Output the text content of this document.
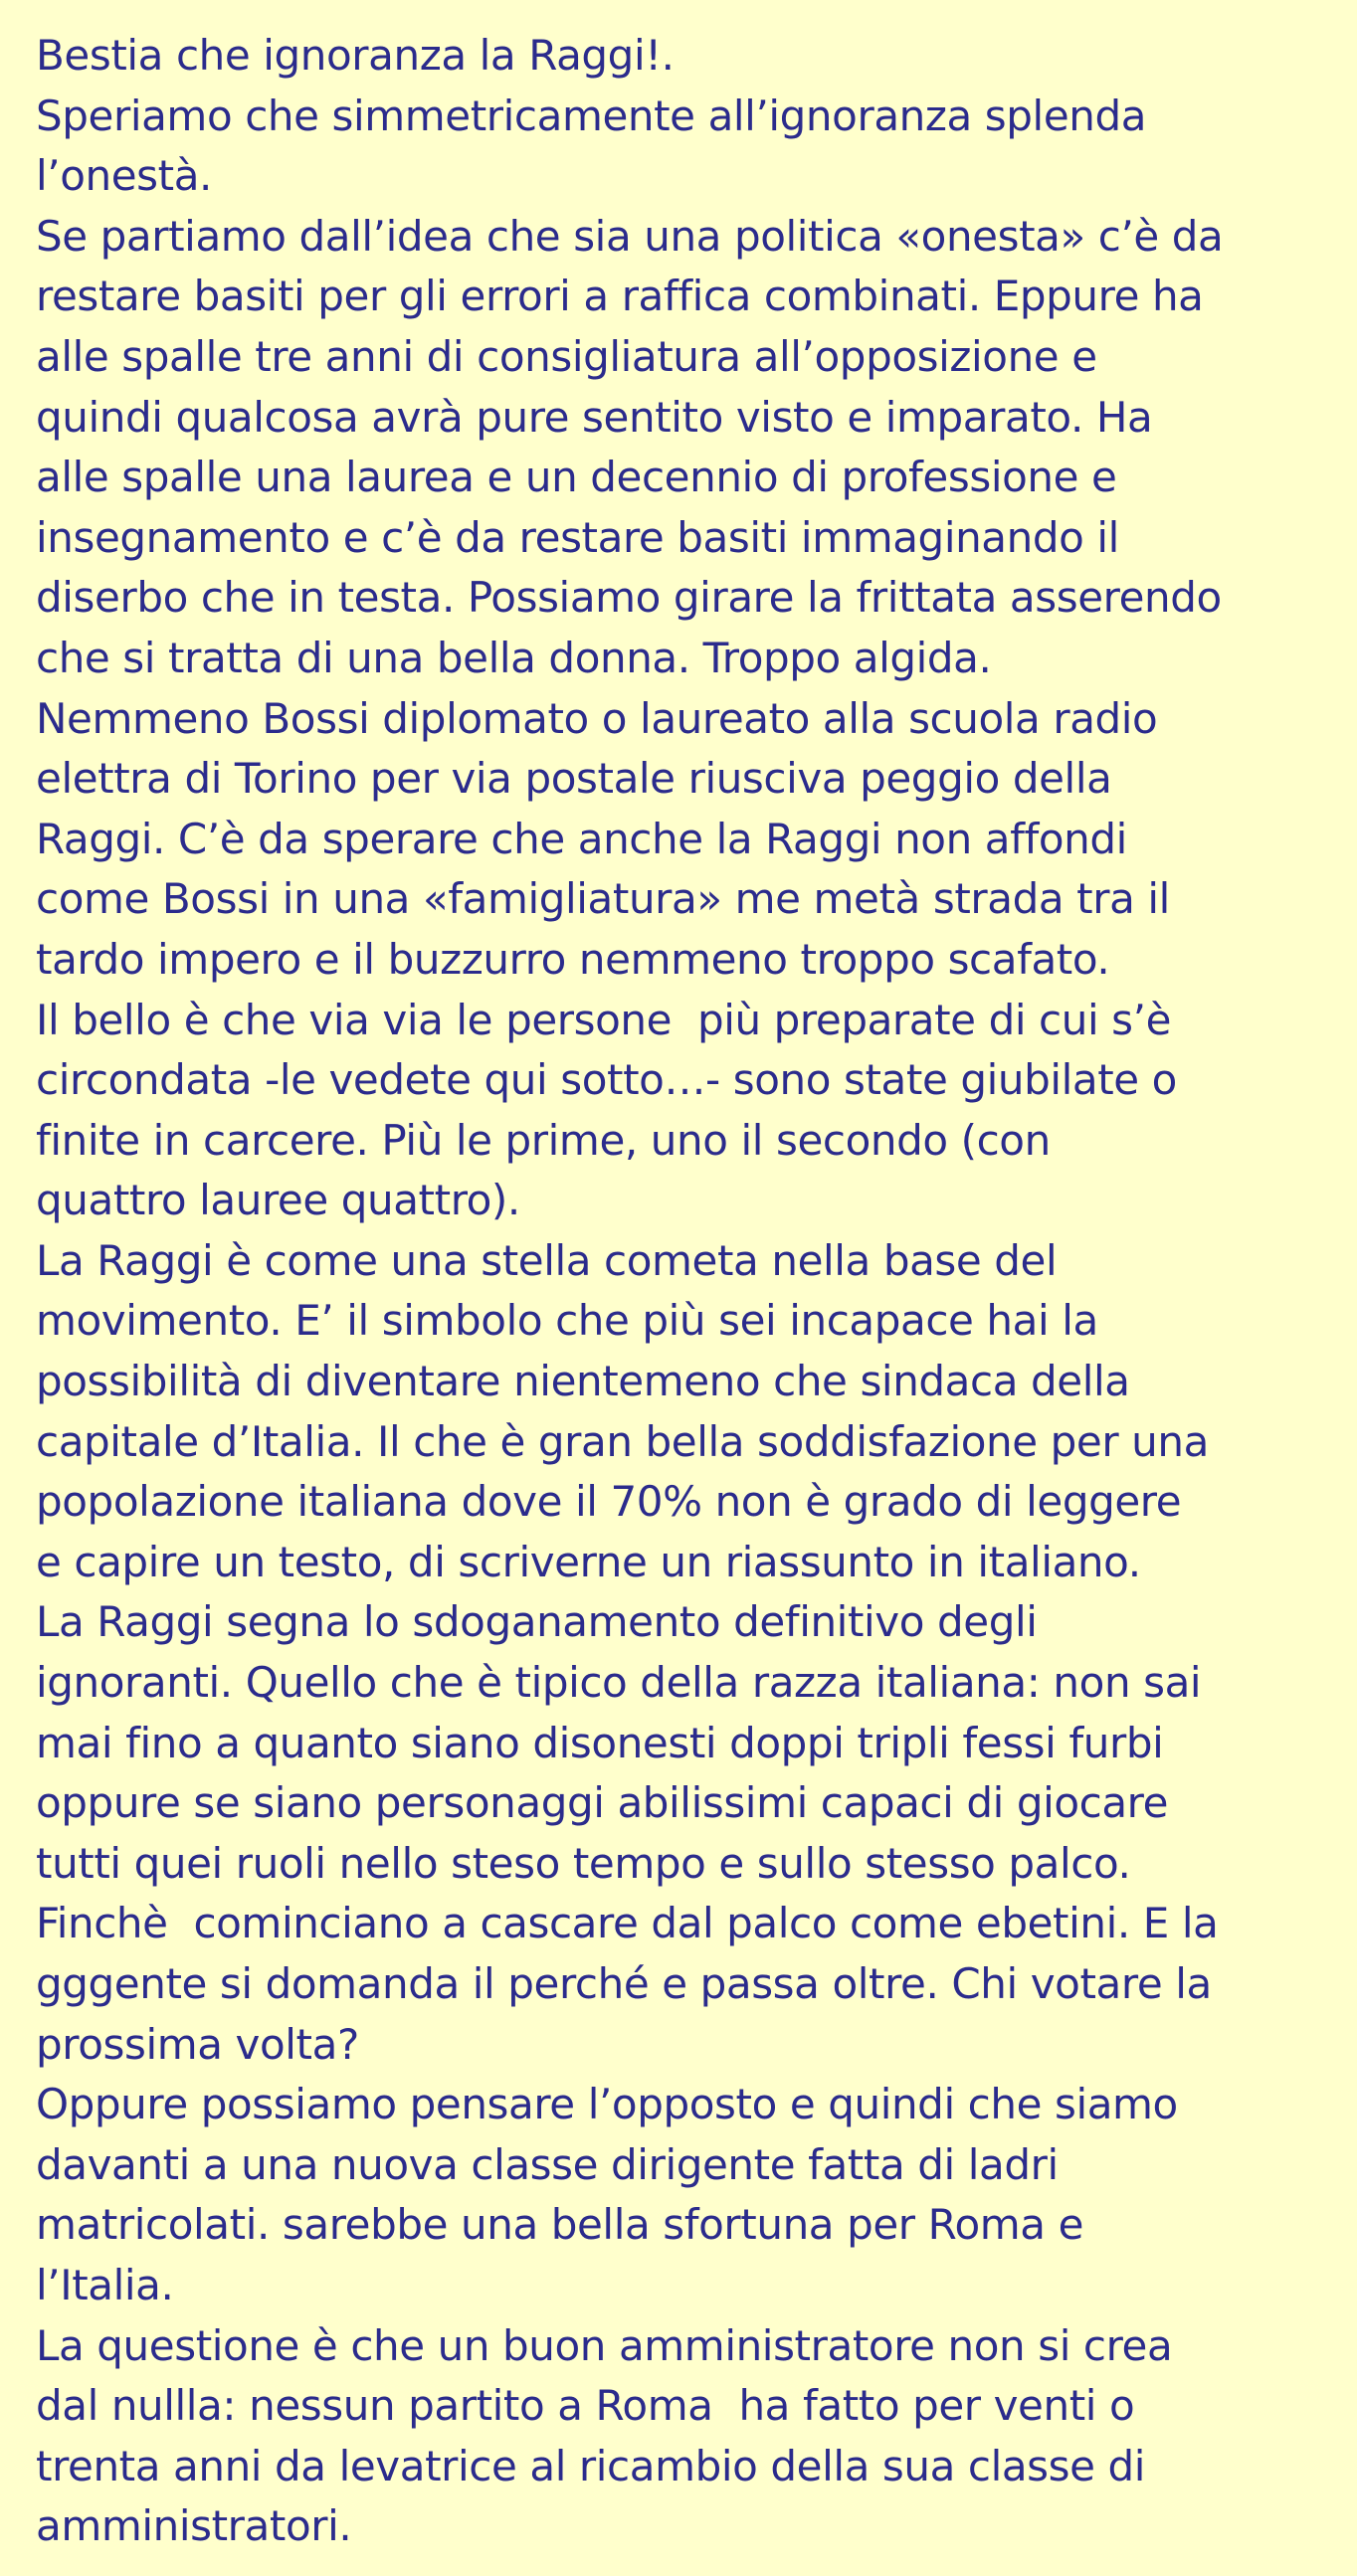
Bestia che ignoranza la Raggi!.
Speriamo che simmetricamente all’ignoranza splenda
l’onestà.
Se partiamo dall’idea che sia una politica «onesta» c’è da
restare basiti per gli errori a raffica combinati. Eppure ha
alle spalle tre anni di consigliatura all’opposizione e
quindi qualcosa avrà pure sentito visto e imparato. Ha
alle spalle una laurea e un decennio di professione e
insegnamento e c’è da restare basiti immaginando il
diserbo che in testa. Possiamo girare la frittata asserendo
che si tratta di una bella donna. Troppo algida.
Nemmeno Bossi diplomato o laureato alla scuola radio
elettra di Torino per via postale riusciva peggio della
Raggi. C’è da sperare che anche la Raggi non affondi
come Bossi in una «famigliatura» me metà strada tra il
tardo impero e il buzzurro nemmeno troppo scafato.
Il bello è che via via le persone  più preparate di cui s’è
circondata -le vedete qui sotto…- sono state giubilate o
finite in carcere. Più le prime, uno il secondo (con
quattro lauree quattro).
La Raggi è come una stella cometa nella base del
movimento. E’ il simbolo che più sei incapace hai la
possibilità di diventare nientemeno che sindaca della
capitale d’Italia. Il che è gran bella soddisfazione per una
popolazione italiana dove il 70% non è grado di leggere
e capire un testo, di scriverne un riassunto in italiano.
La Raggi segna lo sdoganamento definitivo degli
ignoranti. Quello che è tipico della razza italiana: non sai
mai fino a quanto siano disonesti doppi tripli fessi furbi
oppure se siano personaggi abilissimi capaci di giocare
tutti quei ruoli nello steso tempo e sullo stesso palco.
Finchè  cominciano a cascare dal palco come ebetini. E la
gggente si domanda il perché e passa oltre. Chi votare la
prossima volta?
Oppure possiamo pensare l’opposto e quindi che siamo
davanti a una nuova classe dirigente fatta di ladri
matricolati. sarebbe una bella sfortuna per Roma e
l’Italia.
La questione è che un buon amministratore non si crea
dal nullla: nessun partito a Roma  ha fatto per venti o
trenta anni da levatrice al ricambio della sua classe di
amministratori.
